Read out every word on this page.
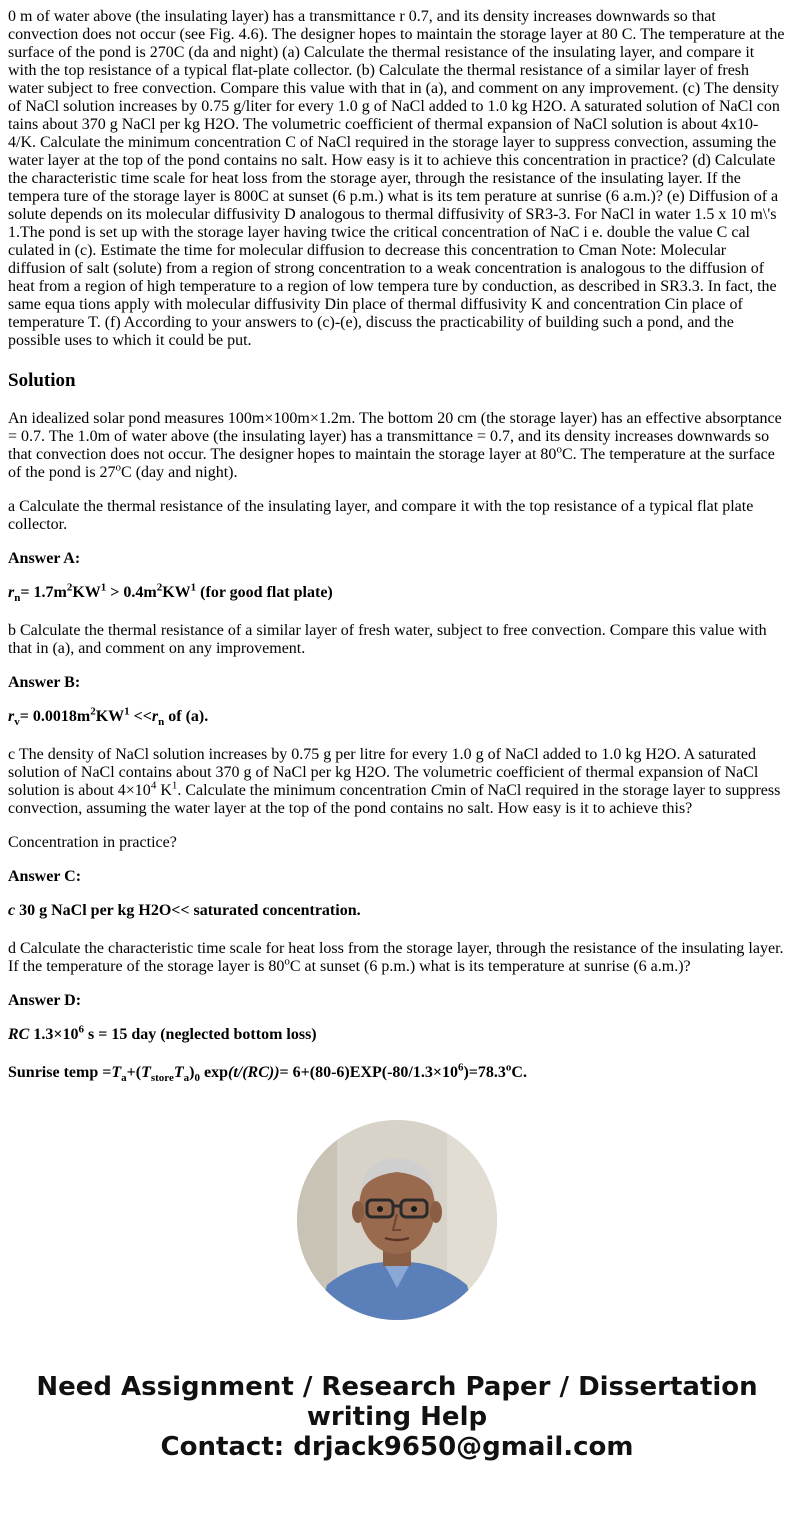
0 m of water above (the insulating layer) has a transmittance r 0.7, and its density increases downwards so that convection does not occur (see Fig. 4.6). The designer hopes to maintain the storage layer at 80 C. The temperature at the surface of the pond is 270C (da and night) (a) Calculate the thermal resistance of the insulating layer, and compare it with the top resistance of a typical flat-plate collector. (b) Calculate the thermal resistance of a similar layer of fresh water subject to free convection. Compare this value with that in (a), and comment on any improvement. (c) The density of NaCl solution increases by 0.75 g/liter for every 1.0 g of NaCl added to 1.0 kg H2O. A saturated solution of NaCl con tains about 370 g NaCl per kg H2O. The volumetric coefficient of thermal expansion of NaCl solution is about 4x10-4/K. Calculate the minimum concentration C of NaCl required in the storage layer to suppress convection, assuming the water layer at the top of the pond contains no salt. How easy is it to achieve this concentration in practice? (d) Calculate the characteristic time scale for heat loss from the storage ayer, through the resistance of the insulating layer. If the tempera ture of the storage layer is 800C at sunset (6 p.m.) what is its tem perature at sunrise (6 a.m.)? (e) Diffusion of a solute depends on its molecular diffusivity D analogous to thermal diffusivity of SR3-3. For NaCl in water 1.5 x 10 m\'s 1.The pond is set up with the storage layer having twice the critical concentration of NaC i e. double the value C cal culated in (c). Estimate the time for molecular diffusion to decrease this concentration to Cman Note: Molecular diffusion of salt (solute) from a region of strong concentration to a weak concentration is analogous to the diffusion of heat from a region of high temperature to a region of low tempera ture by conduction, as described in SR3.3. In fact, the same equa tions apply with molecular diffusivity Din place of thermal diffusivity K and concentration Cin place of temperature T. (f) According to your answers to (c)-(e), discuss the practicability of building such a pond, and the possible uses to which it could be put.

Solution

An idealized solar pond measures 100m×100m×1.2m. The bottom 20 cm (the storage layer) has an effective absorptance = 0.7. The 1.0m of water above (the insulating layer) has a transmittance = 0.7, and its density increases downwards so that convection does not occur. The designer hopes to maintain the storage layer at 80$^o$C. The temperature at the surface of the pond is 27$^o$C (day and night).

a Calculate the thermal resistance of the insulating layer, and compare it with the top resistance of a typical flat plate collector.

Answer A:

$r_n= 1.7m^2KW^1 > 0.4m^2KW^1$ (for good flat plate)

b Calculate the thermal resistance of a similar layer of fresh water, subject to free convection. Compare this value with that in (a), and comment on any improvement.

Answer B:

$r_v= 0.0018m^2KW^1 <<r_n$ of (a).

c The density of NaCl solution increases by 0.75 g per litre for every 1.0 g of NaCl added to 1.0 kg H2O. A saturated solution of NaCl contains about 370 g of NaCl per kg H2O. The volumetric coefficient of thermal expansion of NaCl solution is about $4\times 10^4$ $K^1$. Calculate the minimum concentration Cmin of NaCl required in the storage layer to suppress convection, assuming the water layer at the top of the pond contains no salt. How easy is it to achieve this?

Concentration in practice?

Answer C:

c 30 g NaCl per kg H2O<< saturated concentration.

d Calculate the characteristic time scale for heat loss from the storage layer, through the resistance of the insulating layer. If the temperature of the storage layer is 80$^o$C at sunset (6 p.m.) what is its temperature at sunrise (6 a.m.)?

Answer D:

RC $1.3\times 10^6$ s = 15 day (neglected bottom loss)

Sunrise temp $=T_a+(T_{store}T_a)_0$ $\exp(t/(RC))= 6+(80-6)EXP(-80/1.3\times 10^6)=78.3^oC$.

Need Assignment / Research Paper / Dissertation
writing Help
Contact: drjack9650@gmail.com
